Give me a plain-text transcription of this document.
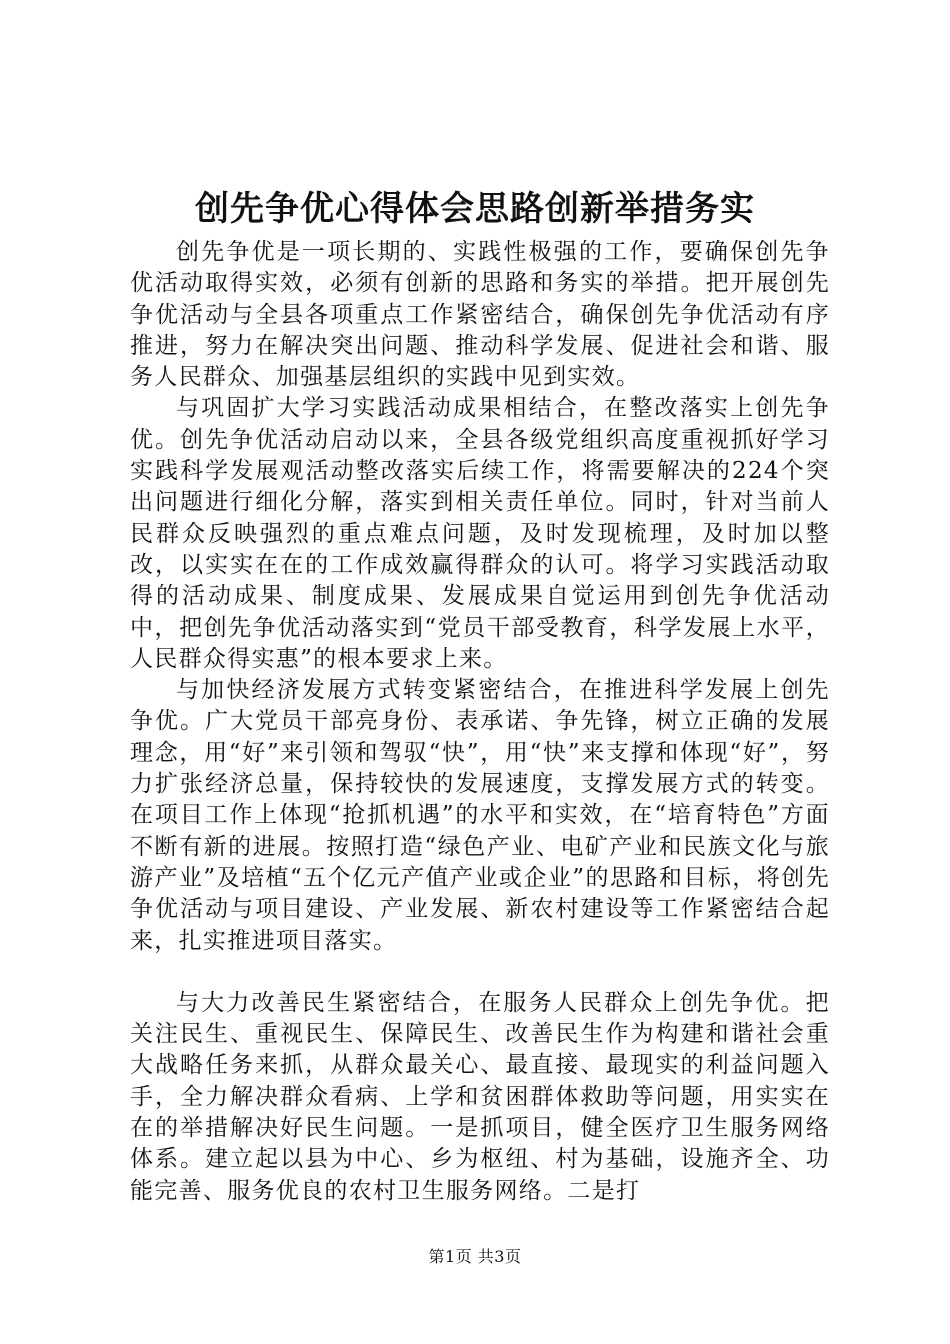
创先争优心得体会思路创新举措务实

创先争优是一项长期的、实践性极强的工作，要确保创先争优活动取得实效，必须有创新的思路和务实的举措。把开展创先争优活动与全县各项重点工作紧密结合，确保创先争优活动有序推进，努力在解决突出问题、推动科学发展、促进社会和谐、服务人民群众、加强基层组织的实践中见到实效。

与巩固扩大学习实践活动成果相结合，在整改落实上创先争优。创先争优活动启动以来，全县各级党组织高度重视抓好学习实践科学发展观活动整改落实后续工作，将需要解决的224个突出问题进行细化分解，落实到相关责任单位。同时，针对当前人民群众反映强烈的重点难点问题，及时发现梳理，及时加以整改，以实实在在的工作成效赢得群众的认可。将学习实践活动取得的活动成果、制度成果、发展成果自觉运用到创先争优活动中，把创先争优活动落实到“党员干部受教育，科学发展上水平，人民群众得实惠”的根本要求上来。

与加快经济发展方式转变紧密结合，在推进科学发展上创先争优。广大党员干部亮身份、表承诺、争先锋，树立正确的发展理念，用“好”来引领和驾驭“快”，用“快”来支撑和体现“好”，努力扩张经济总量，保持较快的发展速度，支撑发展方式的转变。在项目工作上体现“抢抓机遇”的水平和实效，在“培育特色”方面不断有新的进展。按照打造“绿色产业、电矿产业和民族文化与旅游产业”及培植“五个亿元产值产业或企业”的思路和目标，将创先争优活动与项目建设、产业发展、新农村建设等工作紧密结合起来，扎实推进项目落实。

与大力改善民生紧密结合，在服务人民群众上创先争优。把关注民生、重视民生、保障民生、改善民生作为构建和谐社会重大战略任务来抓，从群众最关心、最直接、最现实的利益问题入手，全力解决群众看病、上学和贫困群体救助等问题，用实实在在的举措解决好民生问题。一是抓项目，健全医疗卫生服务网络体系。建立起以县为中心、乡为枢纽、村为基础，设施齐全、功能完善、服务优良的农村卫生服务网络。二是打

第1页 共3页
